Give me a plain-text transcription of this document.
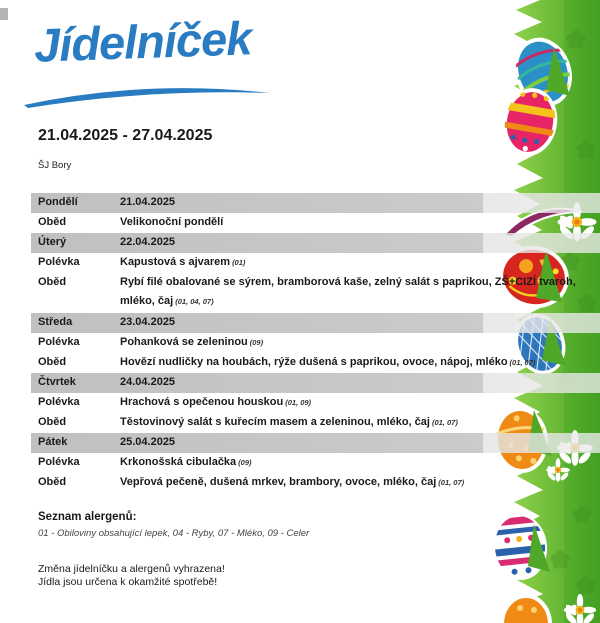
Jídelníček
21.04.2025 - 27.04.2025
ŠJ Bory
Pondělí	21.04.2025
Oběd	Velikonoční pondělí
Úterý	22.04.2025
Polévka	Kapustová s ajvarem (01)
Oběd	Rybí filé obalované se sýrem, bramborová kaše, zelný salát s paprikou, ZŠ+CIZÍ tvaroh, mléko, čaj (01, 04, 07)
Středa	23.04.2025
Polévka	Pohanková se zeleninou (09)
Oběd	Hovězí nudličky na houbách, rýže dušená s paprikou, ovoce, nápoj, mléko (01, 07)
Čtvrtek	24.04.2025
Polévka	Hrachová s opečenou houskou (01, 09)
Oběd	Těstovinový salát s kuřecím masem a zeleninou, mléko, čaj (01, 07)
Pátek	25.04.2025
Polévka	Krkonošská cibulačka (09)
Oběd	Vepřová pečeně, dušená mrkev, brambory, ovoce, mléko, čaj (01, 07)

Seznam alergenů:

01 - Obiloviny obsahující lepek, 04 - Ryby, 07 - Mléko, 09 - Celer

Změna jídelníčku a alergenů vyhrazena!

Jídla jsou určena k okamžité spotřebě!
